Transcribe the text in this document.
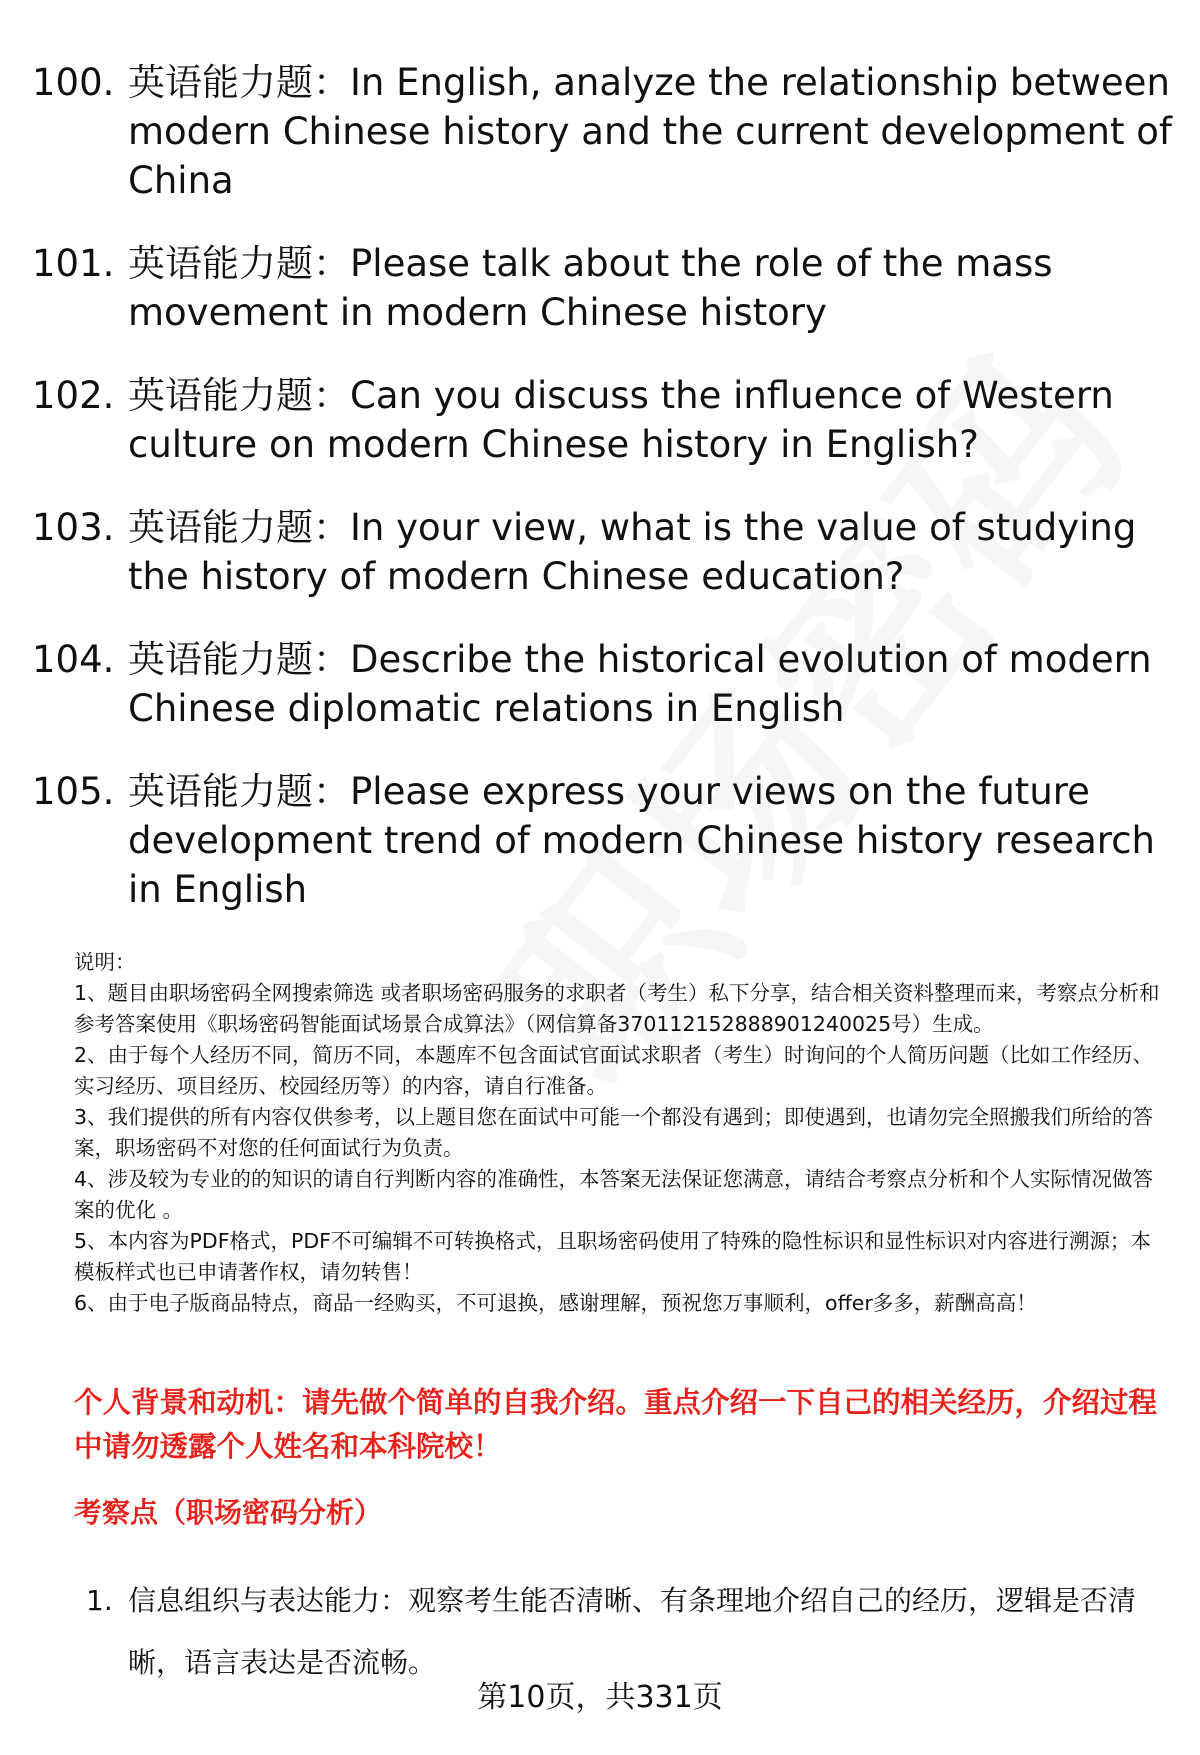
100. 英语能力题：In English, analyze the relationship between modern Chinese history and the current development of China
101. 英语能力题：Please talk about the role of the mass movement in modern Chinese history
102. 英语能力题：Can you discuss the influence of Western culture on modern Chinese history in English?
103. 英语能力题：In your view, what is the value of studying the history of modern Chinese education?
104. 英语能力题：Describe the historical evolution of modern Chinese diplomatic relations in English
105. 英语能力题：Please express your views on the future development trend of modern Chinese history research in English

说明：

1、题目由职场密码全网搜索筛选 或者职场密码服务的求职者（考生）私下分享，结合相关资料整理而来，考察点分析和参考答案使用《职场密码智能面试场景合成算法》（网信算备370112152888901240025号）生成。

2、由于每个人经历不同，简历不同，本题库不包含面试官面试求职者（考生）时询问的个人简历问题（比如工作经历、实习经历、项目经历、校园经历等）的内容，请自行准备。

3、我们提供的所有内容仅供参考，以上题目您在面试中可能一个都没有遇到；即使遇到，也请勿完全照搬我们所给的答案，职场密码不对您的任何面试行为负责。

4、涉及较为专业的的知识的请自行判断内容的准确性，本答案无法保证您满意，请结合考察点分析和个人实际情况做答案的优化 。

5、本内容为PDF格式，PDF不可编辑不可转换格式，且职场密码使用了特殊的隐性标识和显性标识对内容进行溯源；本模板样式也已申请著作权，请勿转售！

6、由于电子版商品特点，商品一经购买，不可退换，感谢理解，预祝您万事顺利，offer多多，薪酬高高！

个人背景和动机：请先做个简单的自我介绍。重点介绍一下自己的相关经历，介绍过程中请勿透露个人姓名和本科院校！
考察点（职场密码分析）
1. 信息组织与表达能力：观察考生能否清晰、有条理地介绍自己的经历，逻辑是否清晰，语言表达是否流畅。
第10页，共331页
